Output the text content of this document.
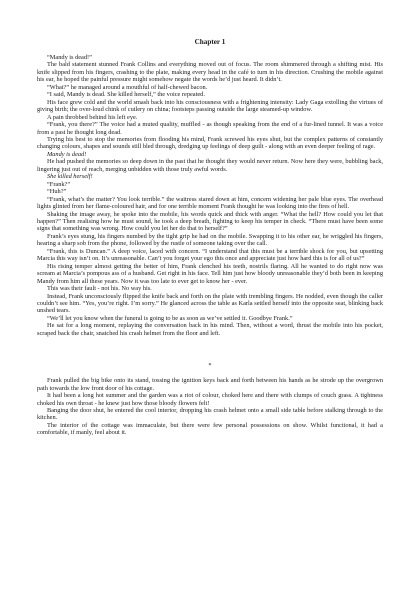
Chapter 1

“Mandy is dead!”

The bald statement stunned Frank Collins and everything moved out of focus. The room shimmered through a shifting mist. His knife slipped from his fingers, crashing to the plate, making every head in the café to turn in his direction. Crushing the mobile against his ear, he hoped the painful pressure might somehow negate the words he’d just heard. It didn’t.

“What?” he managed around a mouthful of half-chewed bacon.

“I said, Mandy is dead. She killed herself,” the voice repeated.

His face grew cold and the world smash back into his consciousness with a frightening intensity: Lady Gaga extolling the virtues of giving birth; the over-loud chink of cutlery on china; footsteps passing outside the large steamed-up window.

A pain throbbed behind his left eye.

“Frank, you there?” The voice had a muted quality, muffled - as though speaking from the end of a fur-lined tunnel. It was a voice from a past he thought long dead.

Trying his best to stop the memories from flooding his mind, Frank screwed his eyes shut, but the complex patterns of constantly changing colours, shapes and sounds still bled through, dredging up feelings of deep guilt - along with an even deeper feeling of rage.

Mandy is dead!

He had pushed the memories so deep down in the past that he thought they would never return. Now here they were, bubbling back, lingering just out of reach, merging unbidden with those truly awful words.

She killed herself!

“Frank?”

“Huh?”

“Frank, what’s the matter? You look terrible.” the waitress stared down at him, concern widening her pale blue eyes. The overhead lights glinted from her flame-coloured hair, and for one terrible moment Frank thought he was looking into the fires of hell.

Shaking the image away, he spoke into the mobile, his words quick and thick with anger. “What the hell? How could you let that happen?” Then realising how he must sound, he took a deep breath, fighting to keep his temper in check. “There must have been some signs that something was wrong. How could you let her do that to herself?”

Frank’s eyes stung, his fingers numbed by the tight grip he had on the mobile. Swapping it to his other ear, he wriggled his fingers, hearing a sharp sob from the phone, followed by the rustle of someone taking over the call.

“Frank, this is Duncan.” A deep voice, laced with concern. “I understand that this must be a terrible shock for you, but upsetting Marcia this way isn’t on. It’s unreasonable. Can’t you forget your ego this once and appreciate just how hard this is for all of us?”

His rising temper almost getting the better of him, Frank clenched his teeth, nostrils flaring. All he wanted to do right now was scream at Marcia’s pompous ass of a husband. Get right in his face. Tell him just how bloody unreasonable they’d both been in keeping Mandy from him all these years. Now it was too late to ever get to know her - ever.

This was their fault - not his. No way his.

Instead, Frank unconsciously flipped the knife back and forth on the plate with trembling fingers. He nodded, even though the caller couldn’t see him. “Yes, you’re right. I’m sorry.” He glanced across the table as Karla settled herself into the opposite seat, blinking back unshed tears.

“We’ll let you know when the funeral is going to be as soon as we’ve settled it. Goodbye Frank.”

He sat for a long moment, replaying the conversation back in his mind. Then, without a word, thrust the mobile into his pocket, scraped back the chair, snatched his crash helmet from the floor and left.

*

Frank pulled the big bike onto its stand, tossing the ignition keys back and forth between his hands as he strode up the overgrown path towards the low front door of his cottage.

It had been a long hot summer and the garden was a riot of colour, choked here and there with clumps of couch grass. A tightness choked his own throat - he knew just how those bloody flowers felt!

Banging the door shut, he entered the cool interior, dropping his crash helmet onto a small side table before stalking through to the kitchen.

The interior of the cottage was immaculate, but there were few personal possessions on show. Whilst functional, it had a comfortable, if manly, feel about it.
